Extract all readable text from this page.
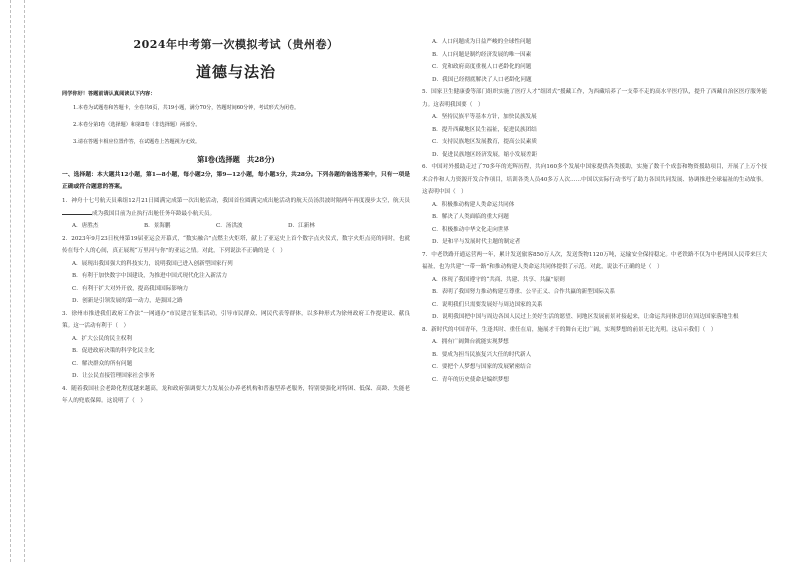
2024年中考第一次模拟考试（贵州卷）
道德与法治
同学你好！答题前请认真阅读以下内容：

1.本卷为试题卷和答题卡，全卷共6页，共19小题，满分70分，答题时间60分钟，考试形式为闭卷。

2.本卷分第Ⅰ卷（选择题）和第Ⅱ卷（非选择题）两部分。

3.请在答题卡相应位置作答，在试题卷上答题视为无效。

第Ⅰ卷(选择题　共28分)

一、选择题：本大题共12小题，第1—8小题，每小题2分，第9—12小题，每小题3分，共28分。下列各题的备选答案中，只有一项是正确或符合题意的答案。

1．神舟十七号航天员乘组12月21日圆满完成第一次出舱活动，我国首位圆满完成出舱活动的航天员汤洪波时隔两年再度漫步太空，航天员成为我国目前为止执行出舱任务年龄最小航天员。

A．唐胜杰	B．景海鹏	C．汤洪波	D．江新林

2．2023年9月23日杭州第19届亚运会开幕式，“数实融合”点燃主火炬塔，献上了亚运史上首个数字点火仪式，数字火炬点亮的同时，也就传在每个人的心间，真正展现“万里河与你”的亚运之情。对此，下列说法不正确的是（　）

A．展现出我国强大的科技实力，说明我国已进入创新型国家行列

B．有利于加快数字中国建设，为推进中国式现代化注入新活力

C．有利于扩大对外开放，提高我国国际影响力

D．创新是引领发展的第一动力，是强国之路

3．徐州市推进我们政府工作法“一网通办”市民建言征集活动，引导市民群众、网民代表等群体，以多种形式为徐州政府工作提建议、献良策。这一活动有利于（　）

A．扩大公民的民主权利

B．促进政府决策的科学化民主化

C．解决群众的所有问题

D．让公民直接管理国家社会事务

4．随着我国社会老龄化程度越来越高，龙和政府强调要大力发展公办养老机构和普惠型养老服务，特别要强化对特困、低保、高龄、失能老年人的兜底保障。这说明了（　）

A．人口问题成为日益严峻的全球性问题

B．人口问题是制约经济发展的唯一因素

C．党和政府高度重视人口老龄化的问题

D．我国已经彻底解决了人口老龄化问题

5．国家卫生健康委等部门组织实施了医疗人才“组团式”援藏工作，为西藏培养了一支带不走的高水平医疗队，提升了西藏自治区医疗服务能力。这表明我国要（　）

A．坚持民族平等基本方针，加快民族发展

B．提升西藏地区民生福祉，促进民族团结

C．支持民族地区发展教育，提高公民素质

D．促进民族地区经济发展，缩小发展差距

6．中国对外援助走过了70多年的光辉历程，共向160多个发展中国家提供各类援助，实施了数千个成套和物资援助项目，开展了上万个技术合作和人力资源开发合作项目，培训各类人员40多万人次……中国以实际行动书写了助力各国共同发展、协调推进全球福祉的生动故事。这表明中国（　）

A．积极推动构建人类命运共同体

B．解决了人类面临的重大问题

C．积极推动中华文化走向世界

D．是和平与发展时代主题的制定者

7．中老铁路开通运营两一年，累计发送旅客850万人次，发送货物1120万吨，运输安全保持稳定。中老铁路不仅为中老两国人民带来巨大福祉，也为共建“一带一路”和推动构建人类命运共同体提供了示范。对此，说法不正确的是（　）

A．体现了我国遵守的“共商、共建、共享、共赢”原则

B．表明了我国努力推动构建互尊重、公平正义、合作共赢的新型国际关系

C．说明我们只需要发展好与周边国家的关系

D．说明我国把中国与周边各国人民过上美好生活的愿望、同地区发展前景对接起来，让命运共同体意识在周边国家落地生根

8．新时代的中国青年，生逢其时、重任在肩，施展才干的舞台无比广阔，实现梦想的前景无比光明。这启示我们（　）

A．拥有广阔舞台就能实现梦想

B．要成为担当民族复兴大任的时代新人

C．要把个人梦想与国家的发展紧密结合

C．青年的历史使命是编织梦想
